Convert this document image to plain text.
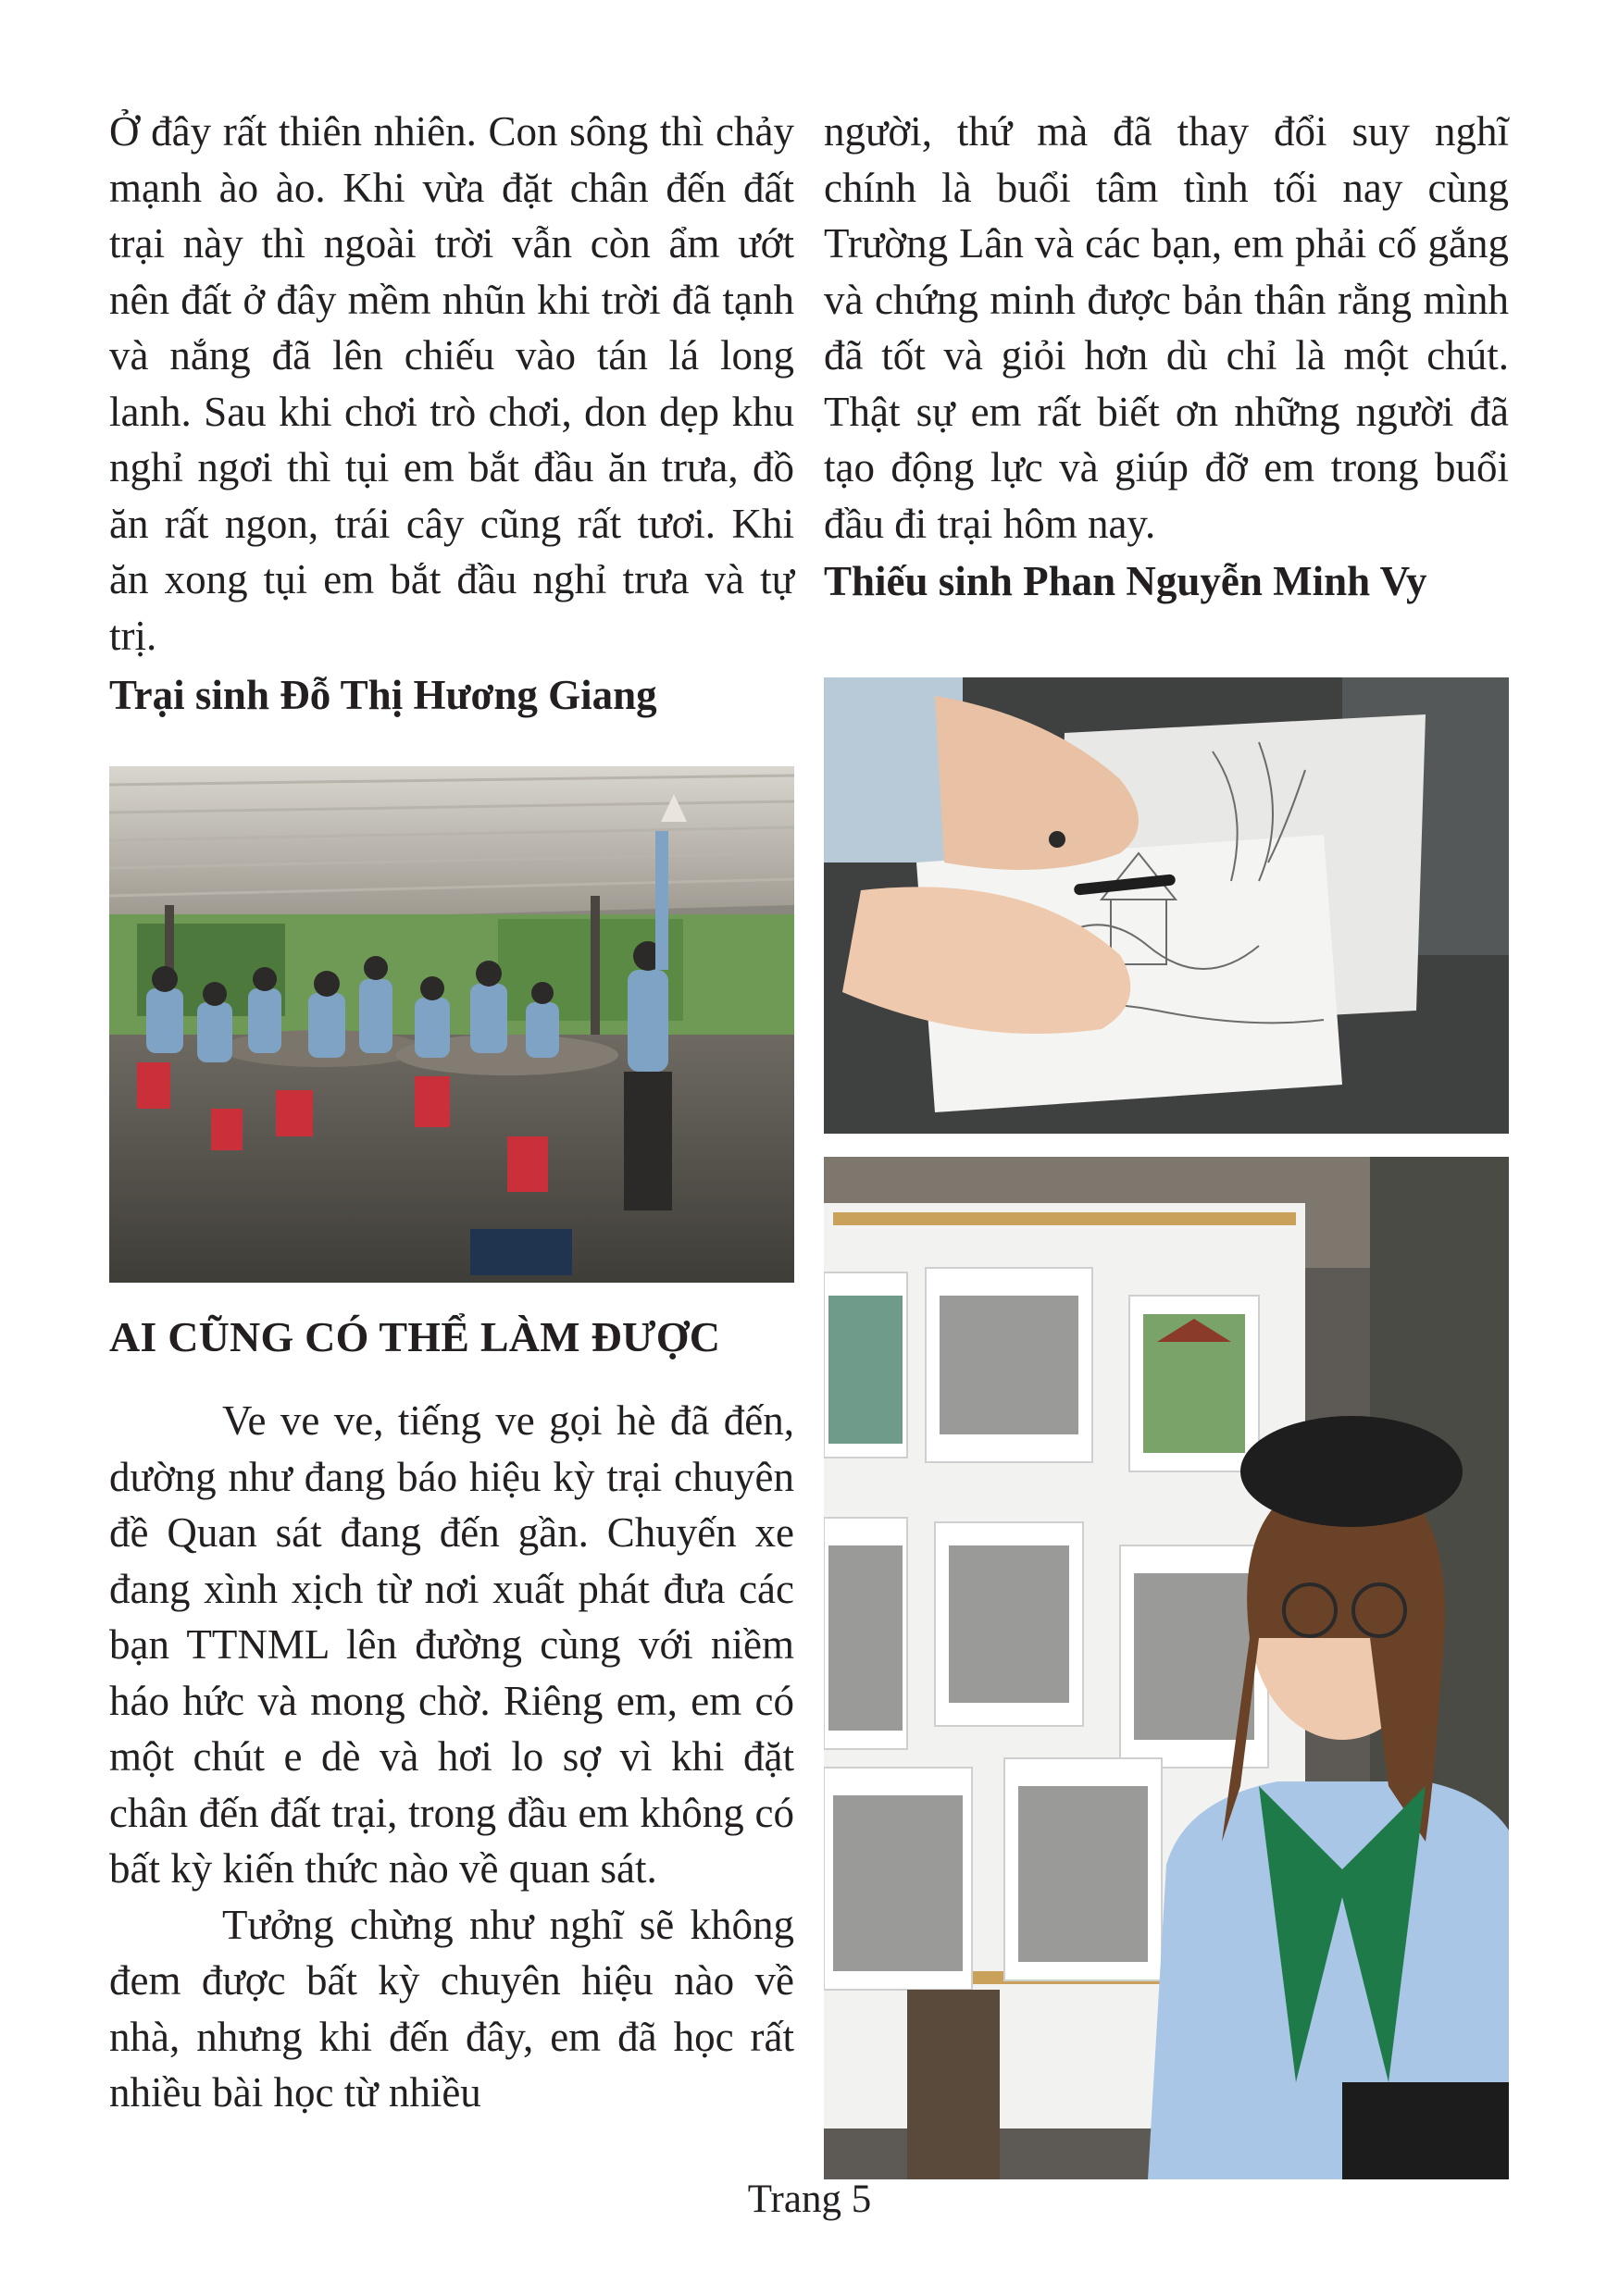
Ở đây rất thiên nhiên. Con sông thì chảy mạnh ào ào. Khi vừa đặt chân đến đất trại này thì ngoài trời vẫn còn ẩm ướt nên đất ở đây mềm nhũn khi trời đã tạnh và nắng đã lên chiếu vào tán lá long lanh. Sau khi chơi trò chơi, don dẹp khu nghỉ ngơi thì tụi em bắt đầu ăn trưa, đồ ăn rất ngon, trái cây cũng rất tươi. Khi ăn xong tụi em bắt đầu nghỉ trưa và tự trị.

Trại sinh Đỗ Thị Hương Giang

AI CŨNG CÓ THỂ LÀM ĐƯỢC

Ve ve ve, tiếng ve gọi hè đã đến, dường như đang báo hiệu kỳ trại chuyên đề Quan sát đang đến gần. Chuyến xe đang xình xịch từ nơi xuất phát đưa các bạn TTNML lên đường cùng với niềm háo hức và mong chờ. Riêng em, em có một chút e dè và hơi lo sợ vì khi đặt chân đến đất trại, trong đầu em không có bất kỳ kiến thức nào về quan sát.

Tưởng chừng như nghĩ sẽ không đem được bất kỳ chuyên hiệu nào về nhà, nhưng khi đến đây, em đã học rất nhiều bài học từ nhiều

người, thứ mà đã thay đổi suy nghĩ chính là buổi tâm tình tối nay cùng Trường Lân và các bạn, em phải cố gắng và chứng minh được bản thân rằng mình đã tốt và giỏi hơn dù chỉ là một chút. Thật sự em rất biết ơn những người đã tạo động lực và giúp đỡ em trong buổi đầu đi trại hôm nay.

Thiếu sinh Phan Nguyễn Minh Vy

Trang 5
